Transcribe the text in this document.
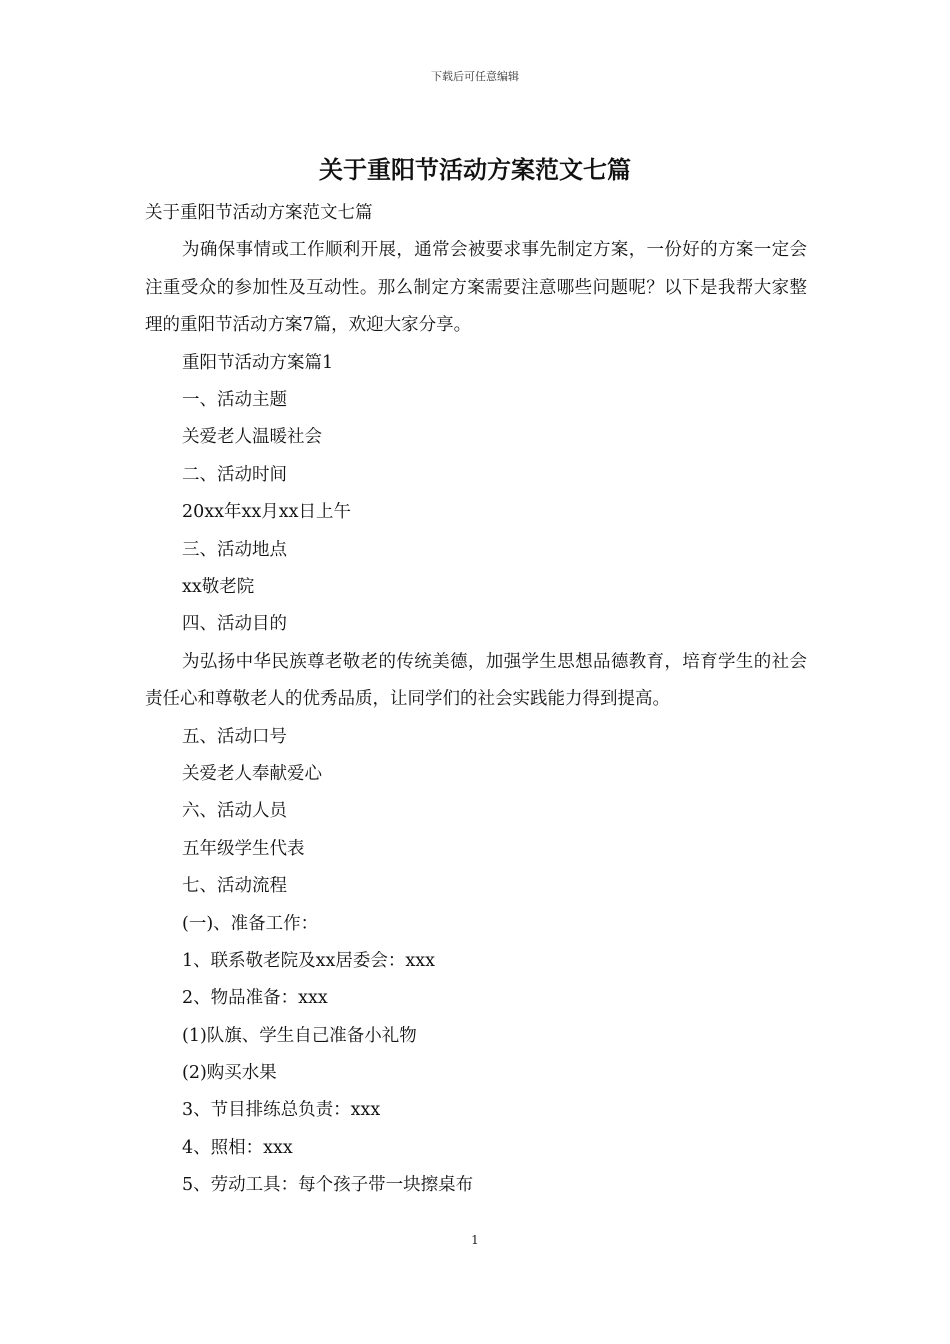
下载后可任意编辑
关于重阳节活动方案范文七篇
关于重阳节活动方案范文七篇

为确保事情或工作顺利开展，通常会被要求事先制定方案，一份好的方案一定会注重受众的参加性及互动性。那么制定方案需要注意哪些问题呢？以下是我帮大家整理的重阳节活动方案7篇，欢迎大家分享。

重阳节活动方案篇1
一、活动主题
关爱老人温暖社会
二、活动时间
20xx年xx月xx日上午
三、活动地点
xx敬老院
四、活动目的

为弘扬中华民族尊老敬老的传统美德，加强学生思想品德教育，培育学生的社会责任心和尊敬老人的优秀品质，让同学们的社会实践能力得到提高。

五、活动口号
关爱老人奉献爱心
六、活动人员
五年级学生代表
七、活动流程
(一)、准备工作：
1、联系敬老院及xx居委会：xxx
2、物品准备：xxx
(1)队旗、学生自己准备小礼物
(2)购买水果
3、节目排练总负责：xxx
4、照相：xxx
5、劳动工具：每个孩子带一块擦桌布
1
